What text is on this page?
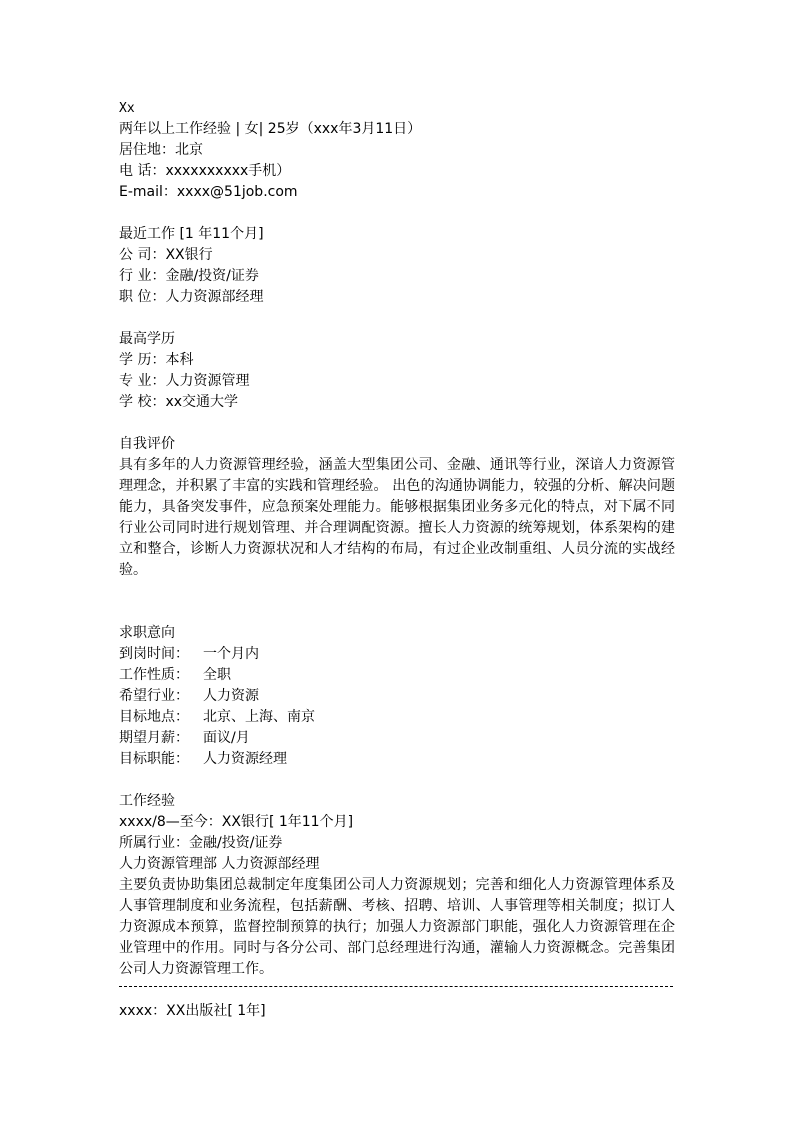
Xx
两年以上工作经验 | 女| 25岁（xxx年3月11日）
居住地：北京
电 话：xxxxxxxxxx手机）
E-mail：xxxx@51job.com
最近工作 [1 年11个月]
公 司：XX银行
行 业：金融/投资/证券
职 位：人力资源部经理
最高学历
学 历：本科
专 业：人力资源管理
学 校：xx交通大学
自我评价
具有多年的人力资源管理经验，涵盖大型集团公司、金融、通讯等行业，深谙人力资源管理理念，并积累了丰富的实践和管理经验。 出色的沟通协调能力，较强的分析、解决问题能力，具备突发事件，应急预案处理能力。能够根据集团业务多元化的特点，对下属不同行业公司同时进行规划管理、并合理调配资源。擅长人力资源的统筹规划，体系架构的建立和整合，诊断人力资源状况和人才结构的布局，有过企业改制重组、人员分流的实战经验。
求职意向
到岗时间： 一个月内
工作性质： 全职
希望行业： 人力资源
目标地点： 北京、上海、南京
期望月薪： 面议/月
目标职能： 人力资源经理
工作经验
xxxx/8—至今：XX银行[ 1年11个月]
所属行业：金融/投资/证券
人力资源管理部 人力资源部经理
主要负责协助集团总裁制定年度集团公司人力资源规划；完善和细化人力资源管理体系及人事管理制度和业务流程，包括薪酬、考核、招聘、培训、人事管理等相关制度；拟订人力资源成本预算，监督控制预算的执行；加强人力资源部门职能，强化人力资源管理在企业管理中的作用。同时与各分公司、部门总经理进行沟通，灌输人力资源概念。完善集团公司人力资源管理工作。
xxxx：XX出版社[ 1年]
